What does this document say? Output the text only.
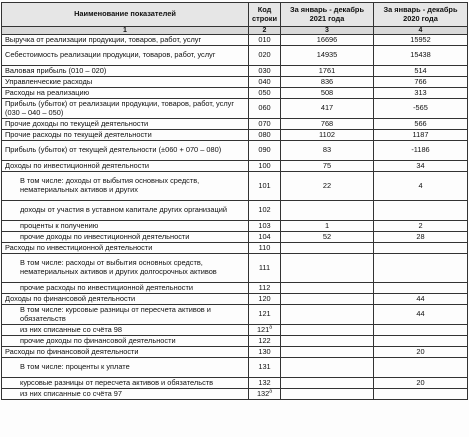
Наименование показателей	Код строки	За январь - декабрь 2021 года	За январь - декабрь 2020 года
1	2	3	4
Выручка от реализации продукции, товаров, работ, услуг	010	16696	15952
Себестоимость реализации продукции, товаров, работ, услуг	020	14935	15438
Валовая прибыль (010 – 020)	030	1761	514
Управленческие расходы	040	836	766
Расходы на реализацию	050	508	313
Прибыль (убыток) от реализации продукции, товаров, работ, услуг (030 – 040 – 050)	060	417	-565
Прочие доходы по текущей деятельности	070	768	566
Прочие расходы по текущей деятельности	080	1102	1187
Прибыль (убыток) от текущей деятельности (±060 + 070 – 080)	090	83	-1186
Доходы по инвестиционной деятельности	100	75	34
В том числе: доходы от выбытия основных средств, нематериальных активов и других	101	22	4
доходы от участия в уставном капитале других организаций	102		
проценты к получению	103	1	2
прочие доходы по инвестиционной деятельности	104	52	28
Расходы по инвестиционной деятельности	110		
В том числе: расходы от выбытия основных средств, нематериальных активов и других долгосрочных активов	111		
прочие расходы по инвестиционной деятельности	112		
Доходы по финансовой деятельности	120		44
В том числе: курсовые разницы от пересчета активов и обязательств	121		44
из них списанные со счёта 98	$121^а$		
прочие доходы по финансовой деятельности	122		
Расходы по финансовой деятельности	130		20
В том числе: проценты к уплате	131		
курсовые разницы от пересчета активов и обязательств	132		20
из них списанные со счёта 97	$132^а$		
